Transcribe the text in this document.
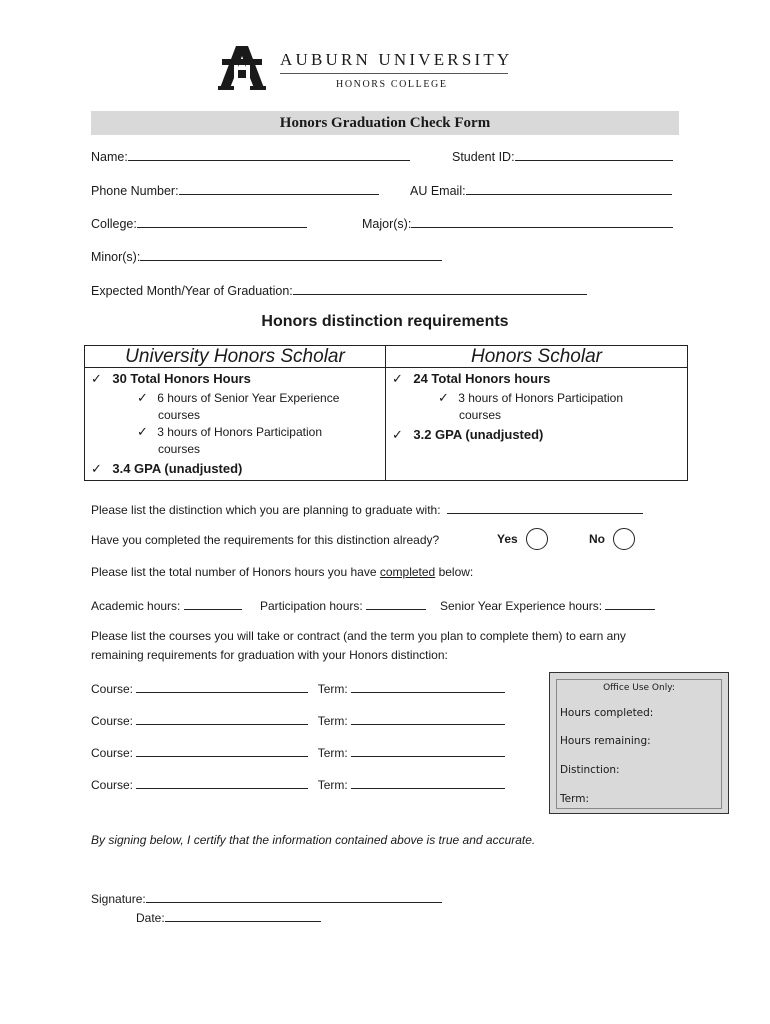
AUBURN UNIVERSITY
HONORS COLLEGE
Honors Graduation Check Form
Name:	Student ID:
Phone Number:	AU Email:
College:	Major(s):
Minor(s):
Expected Month/Year of Graduation:
Honors distinction requirements
University Honors Scholar	Honors Scholar
✓ 30 Total Honors Hours
✓ 6 hours of Senior Year Experience
courses
✓ 3 hours of Honors Participation
courses
✓ 3.4 GPA (unadjusted)
✓ 24 Total Honors hours
✓ 3 hours of Honors Participation
courses
✓ 3.2 GPA (unadjusted)
Please list the distinction which you are planning to graduate with:
Have you completed the requirements for this distinction already?	Yes	No
Please list the total number of Honors hours you have completed below:
Academic hours:	Participation hours:	Senior Year Experience hours:
Please list the courses you will take or contract (and the term you plan to complete them) to earn any
remaining requirements for graduation with your Honors distinction:
Course:	Term:
Course:	Term:
Course:	Term:
Course:	Term:
Office Use Only:
Hours completed:
Hours remaining:
Distinction:
Term:
By signing below, I certify that the information contained above is true and accurate.
Signature:
Date:
